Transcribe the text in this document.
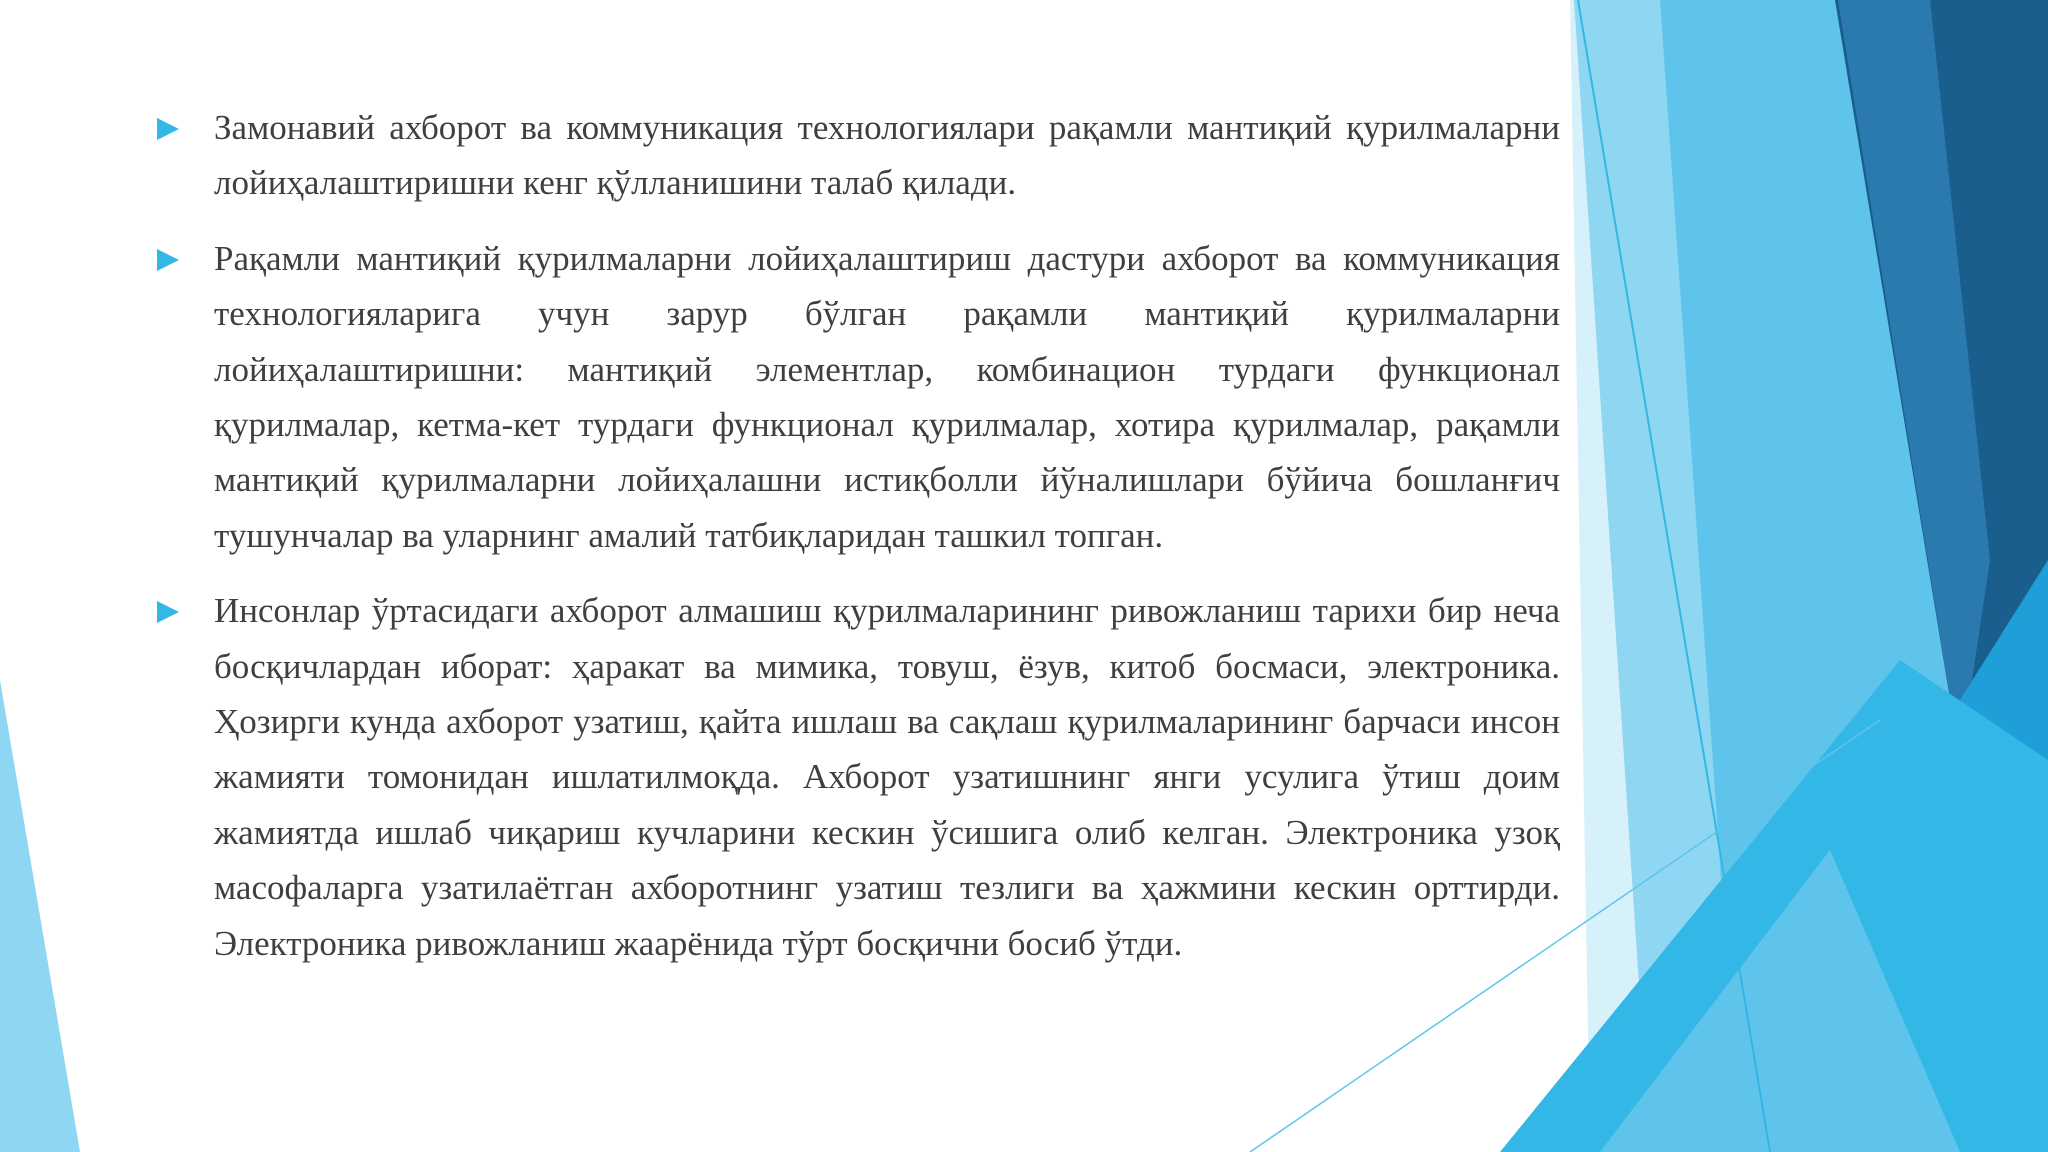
Замонавий ахборот ва коммуникация технологиялари рақамли мантиқий қурилмаларни лойиҳалаштиришни кенг қўлланишини талаб қилади.
Рақамли мантиқий қурилмаларни лойиҳалаштириш дастури ахборот ва коммуникация технологияларига учун зарур бўлган рақамли мантиқий қурилмаларни лойиҳалаштиришни: мантиқий элементлар, комбинацион турдаги функционал қурилмалар, кетма-кет турдаги функционал қурилмалар, хотира қурилмалар, рақамли мантиқий қурилмаларни лойиҳалашни истиқболли йўналишлари бўйича бошланғич тушунчалар ва уларнинг амалий татбиқларидан ташкил топган.
Инсонлар ўртасидаги ахборот алмашиш қурилмаларининг ривожланиш тарихи бир неча босқичлардан иборат: ҳаракат ва мимика, товуш, ёзув, китоб босмаси, электроника. Ҳозирги кунда ахборот узатиш, қайта ишлаш ва сақлаш қурилмаларининг барчаси инсон жамияти томонидан ишлатилмоқда. Ахборот узатишнинг янги усулига ўтиш доим жамиятда ишлаб чиқариш кучларини кескин ўсишига олиб келган. Электроника узоқ масофаларга узатилаётган ахборотнинг узатиш тезлиги ва ҳажмини кескин орттирди. Электроника ривожланиш жаарёнида тўрт босқични босиб ўтди.
